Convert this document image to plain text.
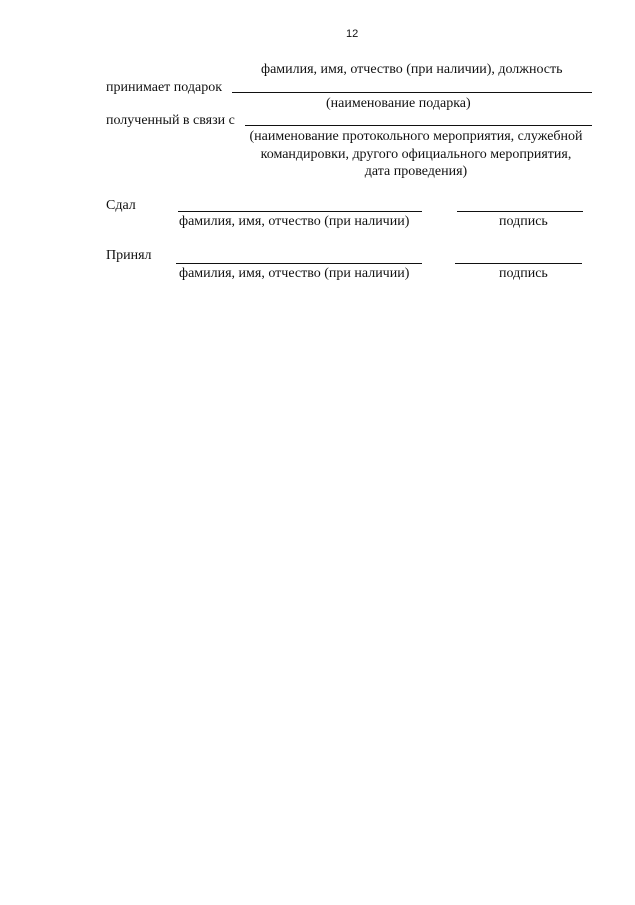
12
фамилия, имя, отчество (при наличии), должность
принимает подарок
(наименование подарка)
полученный в связи с
(наименование протокольного мероприятия, служебной
командировки, другого официального мероприятия,
дата проведения)
Сдал
фамилия, имя, отчество (при наличии)	подпись
Принял
фамилия, имя, отчество (при наличии)	подпись
